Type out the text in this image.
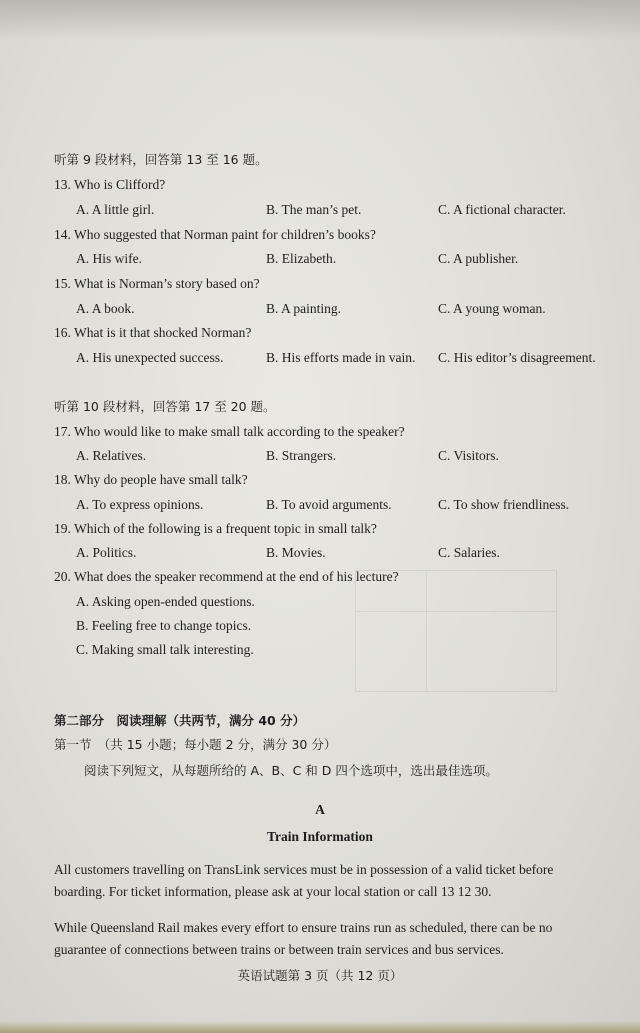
听第 9 段材料，回答第 13 至 16 题。
13. Who is Clifford?
A. A little girl.	B. The man’s pet.	C. A fictional character.
14. Who suggested that Norman paint for children’s books?
A. His wife.	B. Elizabeth.	C. A publisher.
15. What is Norman’s story based on?
A. A book.	B. A painting.	C. A young woman.
16. What is it that shocked Norman?
A. His unexpected success.	B. His efforts made in vain. C. His editor’s disagreement.
听第 10 段材料，回答第 17 至 20 题。
17. Who would like to make small talk according to the speaker?
A. Relatives.	B. Strangers.	C. Visitors.
18. Why do people have small talk?
A. To express opinions.	B. To avoid arguments.	C. To show friendliness.
19. Which of the following is a frequent topic in small talk?
A. Politics.	B. Movies.	C. Salaries.
20. What does the speaker recommend at the end of his lecture?
A. Asking open-ended questions.
B. Feeling free to change topics.
C. Making small talk interesting.
第二部分　阅读理解（共两节，满分 40 分）
第一节　（共 15 小题；每小题 2 分，满分 30 分）
阅读下列短文，从每题所给的 A、B、C 和 D 四个选项中，选出最佳选项。
A
Train Information
All customers travelling on TransLink services must be in possession of a valid ticket before
boarding. For ticket information, please ask at your local station or call 13 12 30.
While Queensland Rail makes every effort to ensure trains run as scheduled, there can be no
guarantee of connections between trains or between train services and bus services.
英语试题第 3 页（共 12 页）
